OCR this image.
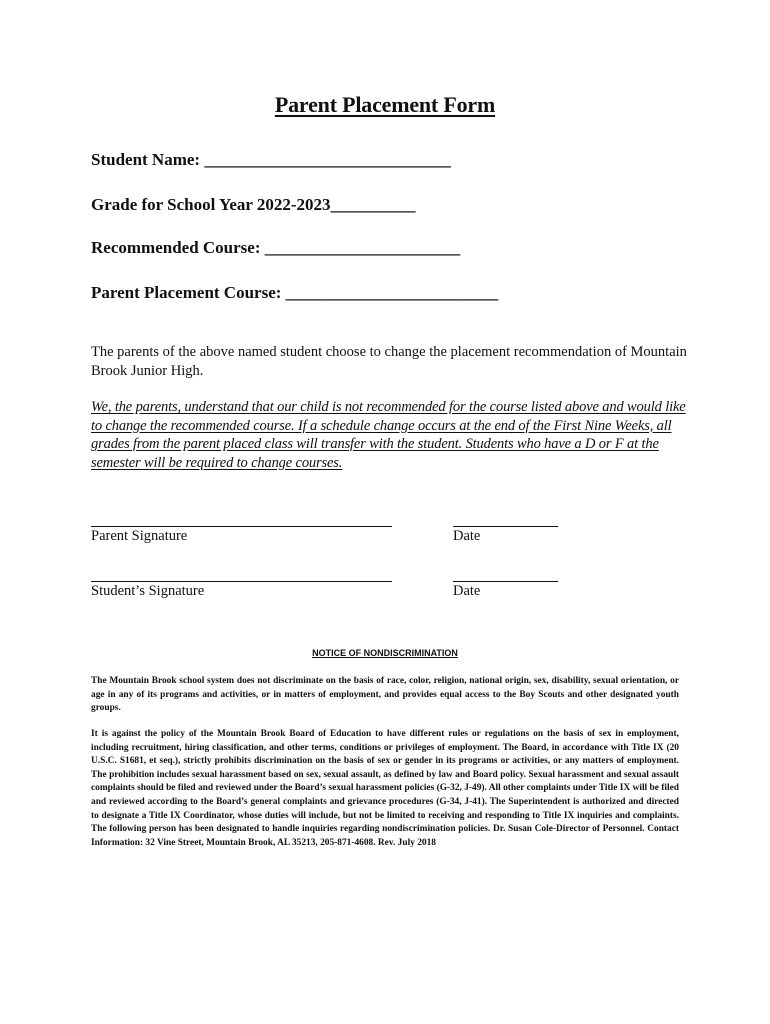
Parent Placement Form
Student Name: _____________________________
Grade for School Year 2022-2023__________
Recommended Course: _______________________
Parent Placement Course: _________________________
The parents of the above named student choose to change the placement recommendation of Mountain Brook Junior High.
We, the parents, understand that our child is not recommended for the course listed above and would like to change the recommended course. If a schedule change occurs at the end of the First Nine Weeks, all grades from the parent placed class will transfer with the student. Students who have a D or F at the semester will be required to change courses.
Parent Signature	Date
Student’s Signature	Date
NOTICE OF NONDISCRIMINATION
The Mountain Brook school system does not discriminate on the basis of race, color, religion, national origin, sex, disability, sexual orientation, or age in any of its programs and activities, or in matters of employment, and provides equal access to the Boy Scouts and other designated youth groups.
It is against the policy of the Mountain Brook Board of Education to have different rules or regulations on the basis of sex in employment, including recruitment, hiring classification, and other terms, conditions or privileges of employment. The Board, in accordance with Title IX (20 U.S.C. S1681, et seq.), strictly prohibits discrimination on the basis of sex or gender in its programs or activities, or any matters of employment. The prohibition includes sexual harassment based on sex, sexual assault, as defined by law and Board policy. Sexual harassment and sexual assault complaints should be filed and reviewed under the Board’s sexual harassment policies (G-32, J-49). All other complaints under Title IX will be filed and reviewed according to the Board’s general complaints and grievance procedures (G-34, J-41). The Superintendent is authorized and directed to designate a Title IX Coordinator, whose duties will include, but not be limited to receiving and responding to Title IX inquiries and complaints. The following person has been designated to handle inquiries regarding nondiscrimination policies. Dr. Susan Cole-Director of Personnel. Contact Information: 32 Vine Street, Mountain Brook, AL 35213, 205-871-4608. Rev. July 2018
